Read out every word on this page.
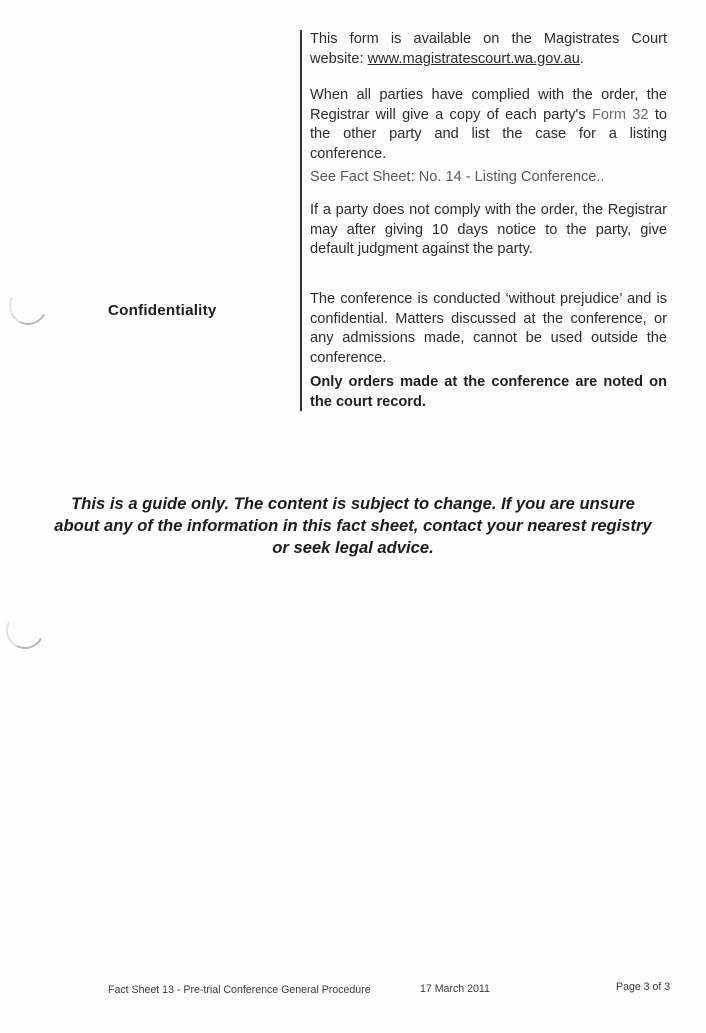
This form is available on the Magistrates Court website: www.magistratescourt.wa.gov.au.

When all parties have complied with the order, the Registrar will give a copy of each party's Form 32 to the other party and list the case for a listing conference.

See Fact Sheet: No. 14 - Listing Conference..

If a party does not comply with the order, the Registrar may after giving 10 days notice to the party, give default judgment against the party.

Confidentiality

The conference is conducted ‘without prejudice’ and is confidential. Matters discussed at the conference, or any admissions made, cannot be used outside the conference.

Only orders made at the conference are noted on the court record.

This is a guide only. The content is subject to change. If you are unsure about any of the information in this fact sheet, contact your nearest registry or seek legal advice.

Fact Sheet 13 - Pre-trial Conference General Procedure	17 March 2011	Page 3 of 3
